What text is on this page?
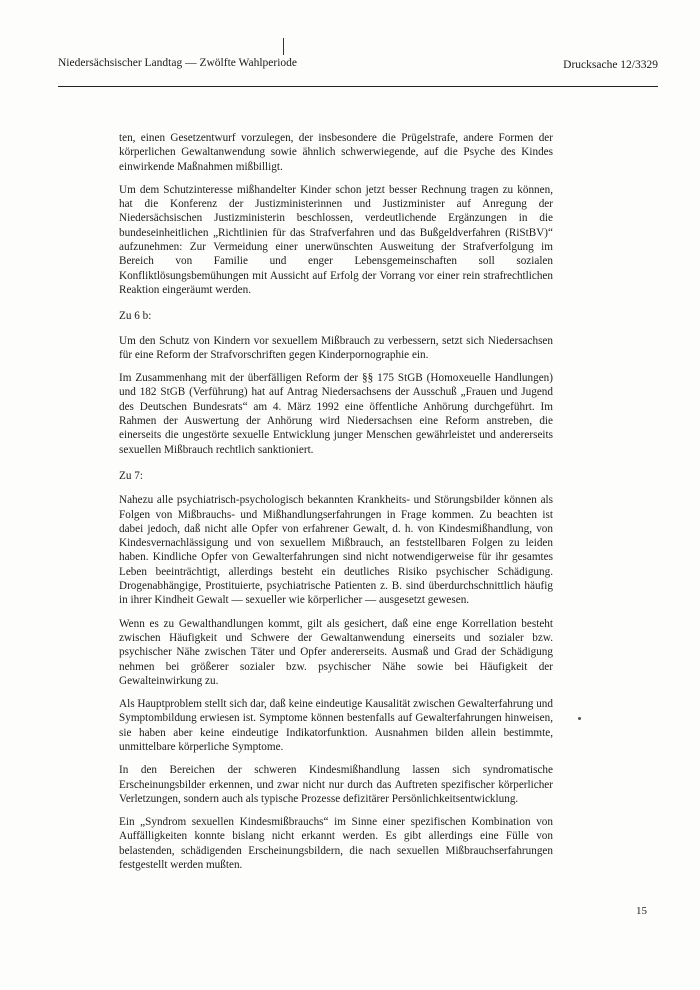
Niedersächsischer Landtag — Zwölfte Wahlperiode	Drucksache 12/3329

ten, einen Gesetzentwurf vorzulegen, der insbesondere die Prügelstrafe, andere Formen der körperlichen Gewaltanwendung sowie ähnlich schwerwiegende, auf die Psyche des Kindes einwirkende Maßnahmen mißbilligt.

Um dem Schutzinteresse mißhandelter Kinder schon jetzt besser Rechnung tragen zu können, hat die Konferenz der Justizministerinnen und Justizminister auf Anregung der Niedersächsischen Justizministerin beschlossen, verdeutlichende Ergänzungen in die bundeseinheitlichen „Richtlinien für das Strafverfahren und das Bußgeldverfahren (RiStBV)“ aufzunehmen: Zur Vermeidung einer unerwünschten Ausweitung der Strafverfolgung im Bereich von Familie und enger Lebensgemeinschaften soll sozialen Konfliktlösungsbemühungen mit Aussicht auf Erfolg der Vorrang vor einer rein strafrechtlichen Reaktion eingeräumt werden.

Zu 6 b:

Um den Schutz von Kindern vor sexuellem Mißbrauch zu verbessern, setzt sich Niedersachsen für eine Reform der Strafvorschriften gegen Kinderpornographie ein.

Im Zusammenhang mit der überfälligen Reform der §§ 175 StGB (Homoxeuelle Handlungen) und 182 StGB (Verführung) hat auf Antrag Niedersachsens der Ausschuß „Frauen und Jugend des Deutschen Bundesrats“ am 4. März 1992 eine öffentliche Anhörung durchgeführt. Im Rahmen der Auswertung der Anhörung wird Niedersachsen eine Reform anstreben, die einerseits die ungestörte sexuelle Entwicklung junger Menschen gewährleistet und andererseits sexuellen Mißbrauch rechtlich sanktioniert.

Zu 7:

Nahezu alle psychiatrisch-psychologisch bekannten Krankheits- und Störungsbilder können als Folgen von Mißbrauchs- und Mißhandlungserfahrungen in Frage kommen. Zu beachten ist dabei jedoch, daß nicht alle Opfer von erfahrener Gewalt, d. h. von Kindesmißhandlung, von Kindesvernachlässigung und von sexuellem Mißbrauch, an feststellbaren Folgen zu leiden haben. Kindliche Opfer von Gewalterfahrungen sind nicht notwendigerweise für ihr gesamtes Leben beeinträchtigt, allerdings besteht ein deutliches Risiko psychischer Schädigung. Drogenabhängige, Prostituierte, psychiatrische Patienten z. B. sind überdurchschnittlich häufig in ihrer Kindheit Gewalt — sexueller wie körperlicher — ausgesetzt gewesen.

Wenn es zu Gewalthandlungen kommt, gilt als gesichert, daß eine enge Korrellation besteht zwischen Häufigkeit und Schwere der Gewaltanwendung einerseits und sozialer bzw. psychischer Nähe zwischen Täter und Opfer andererseits. Ausmaß und Grad der Schädigung nehmen bei größerer sozialer bzw. psychischer Nähe sowie bei Häufigkeit der Gewalteinwirkung zu.

Als Hauptproblem stellt sich dar, daß keine eindeutige Kausalität zwischen Gewalterfahrung und Symptombildung erwiesen ist. Symptome können bestenfalls auf Gewalterfahrungen hinweisen, sie haben aber keine eindeutige Indikatorfunktion. Ausnahmen bilden allein bestimmte, unmittelbare körperliche Symptome.

In den Bereichen der schweren Kindesmißhandlung lassen sich syndromatische Erscheinungsbilder erkennen, und zwar nicht nur durch das Auftreten spezifischer körperlicher Verletzungen, sondern auch als typische Prozesse defizitärer Persönlichkeitsentwicklung.

Ein „Syndrom sexuellen Kindesmißbrauchs“ im Sinne einer spezifischen Kombination von Auffälligkeiten konnte bislang nicht erkannt werden. Es gibt allerdings eine Fülle von belastenden, schädigenden Erscheinungsbildern, die nach sexuellen Mißbrauchserfahrungen festgestellt werden mußten.

15
